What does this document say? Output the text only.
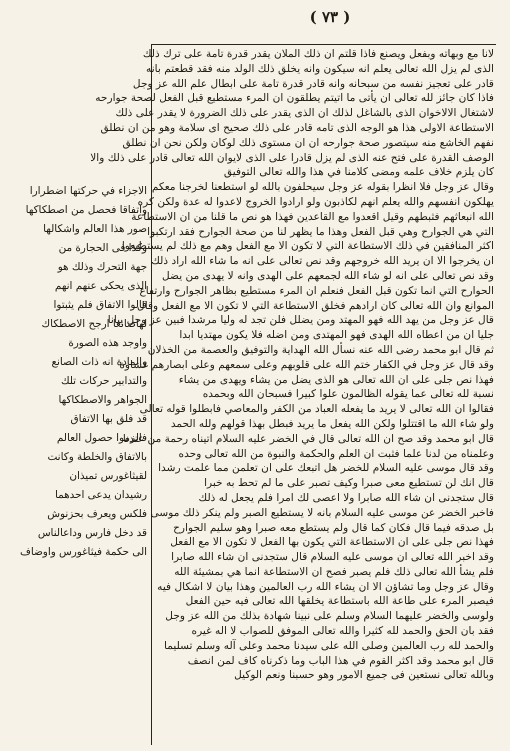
( ٧٣ )

لانا مع‌ وبهاته وبفعل ويصنع فاذا قلتم ان ذلك الملان يقدر قدرة تامة على ترك ذلك

الذى لم يزل الله تعالى يعلم انه سيكون وانه يخلق ذلك الولد منه فقد قطعتم بانه

قادر على تعجيز نفسه من سبحانه وانه قادر قدرة تامة على ابطال علم الله عز وجل

فاذا كان جائز لله تعالى ان يأتى ما اتيتم يطلقون ان المرء مستطيع قبل الفعل لصحة جوارحه

لاشتغال الالاخوان الذى بالشاغل لذلك ان الذى يقدر على ذلك الضرورة لا يقدر على ذلك

الاستطاعة الاولى هذا هو الوجه الذى تامه قادر على ذلك صحيح اى سلامة وهو من ان نطلق

نفهم الخاشع منه سيتصور صحة جوارحه ان ان مستوى ذلك لوكان ولكن نحن ان نطلق

الوصف القدرة على فتح عنه الذى لم يزل قادرا على الذى لايوان الله تعالى قادر على ذلك والا

كان يلزم خلاف علمه ومضى كلامنا في هذا والله تعالى التوفيق

وقال عز وجل فلا انظرا بقوله عز وجل سيحلفون بالله لو استطعنا لخرجنا معكم

يهلكون انفسهم والله يعلم انهم لكاذبون ولو ارادوا الخروج لاعدوا له عدة ولكن كره

الله انبعاثهم فثبطهم وقيل اقعدوا مع القاعدين فهذا هو نص ما قلنا من ان الاستطاعة

التي هي الجوارح وهي قبل الفعل وهذا ما يظهر لنا من صحة الجوارح فقد ارتكبوا

اكثر المنافقين في ذلك الاستطاعة التي لا تكون الا مع الفعل وهم مع ذلك لم يستطيعوا

ان يخرجوا الا ان يريد الله خروجهم وقد نص تعالى على انه ما شاء الله اراد ذلك

وقد نص تعالى على انه لو شاء الله لجمعهم على الهدى وانه لا يهدى من يضل

الحوارح التي انما تكون قبل الفعل فنعلم ان المرء مستطيع بظاهر الجوارح وارتفاع

الموانع وان الله تعالى كان ارادهم فخلق الاستطاعة التي لا تكون الا مع الفعل وقال

قال عز وجل من يهد الله فهو المهتد ومن يضلل فلن تجد له وليا مرشدا فبين عز وجل بيانا

جليا ان من اعطاه الله الهدى فهو المهتدى ومن اضله فلا يكون مهتديا ابدا

ثم قال ابو محمد رضى الله عنه نسأل الله الهداية والتوفيق والعصمة من الخذلان

وقد قال عز وجل في الكفار ختم الله على قلوبهم وعلى سمعهم وعلى ابصارهم غشاوة

فهذا نص جلى على ان الله تعالى هو الذى يضل من يشاء ويهدى من يشاء

نسبة لله تعالى عما يقوله الظالمون علوا كبيرا فسبحان الله وبحمده

فقالوا ان الله تعالى لا يريد ما يفعله العباد من الكفر والمعاصي فابطلوا قوله تعالى

ولو شاء الله ما اقتتلوا ولكن الله يفعل ما يريد فبطل بهذا قولهم ولله الحمد

قال ابو محمد وقد صح ان الله تعالى قال في الخضر عليه السلام اتيناه رحمة من عندنا

وعلمناه من لدنا علما فثبت ان العلم والحكمة والنبوة من الله تعالى وحده

وقد قال موسى عليه السلام للخضر هل اتبعك على ان تعلمن مما علمت رشدا

قال انك لن تستطيع معى صبرا وكيف تصبر على ما لم تحط به خبرا

قال ستجدنى ان شاء الله صابرا ولا اعصى لك امرا فلم يجعل له ذلك

فاخبر الخضر عن موسى عليه السلام بانه لا يستطيع الصبر ولم ينكر ذلك موسى

بل صدقه فيما قال فكان كما قال ولم يستطع معه صبرا وهو سليم الجوارح

فهذا نص جلى على ان الاستطاعة التي يكون بها الفعل لا تكون الا مع الفعل

وقد اخبر الله تعالى ان موسى عليه السلام قال ستجدنى ان شاء الله صابرا

فلم يشأ الله تعالى ذلك فلم يصبر فصح ان الاستطاعة انما هي بمشيئة الله

وقال عز وجل وما تشاؤن الا ان يشاء الله رب العالمين وهذا بيان لا اشكال فيه

فيصبر المرء على طاعة الله باستطاعة يخلقها الله تعالى فيه حين الفعل

ولوسى والخضر عليهما السلام وسلم على نبينا شهادة بذلك من الله عز وجل

فقد بان الحق والحمد لله كثيرا والله تعالى الموفق للصواب لا اله غيره

والحمد لله رب العالمين وصلى الله على سيدنا محمد وعلى آله وسلم تسليما

قال ابو محمد وقد اكثر القوم في هذا الباب وما ذكرناه كاف لمن انصف

وبالله تعالى نستعين فى جميع الامور وهو حسبنا ونعم الوكيل

الاجزاء في حركتها اضطرارا

واتفاقا فحصل من اصطكاكها

صور هذا العالم واشكالها

وكذا فى الحجارة من

جهة التحرك وذلك هو

الذى يحكى عنهم انهم

قالوا الاتفاق فلم يثبتوا

لهاصانعا ارجح الاصطكاك

واوجد هذه الصورة

والمادة انه ذات الصانع

والتدابير حركات تلك

الجواهر والاصطكاكها

قد فلق بها الاتفاق

فالزموا حصول العالم

بالاتفاق والخلطة وكانت

لقيثاغورس تميذان

رشيدان يدعى احدهما

فلكس ويعرف بحزنوش

قد دخل فارس وداعالناس

الى حكمة فيثاغورس واوضاف
